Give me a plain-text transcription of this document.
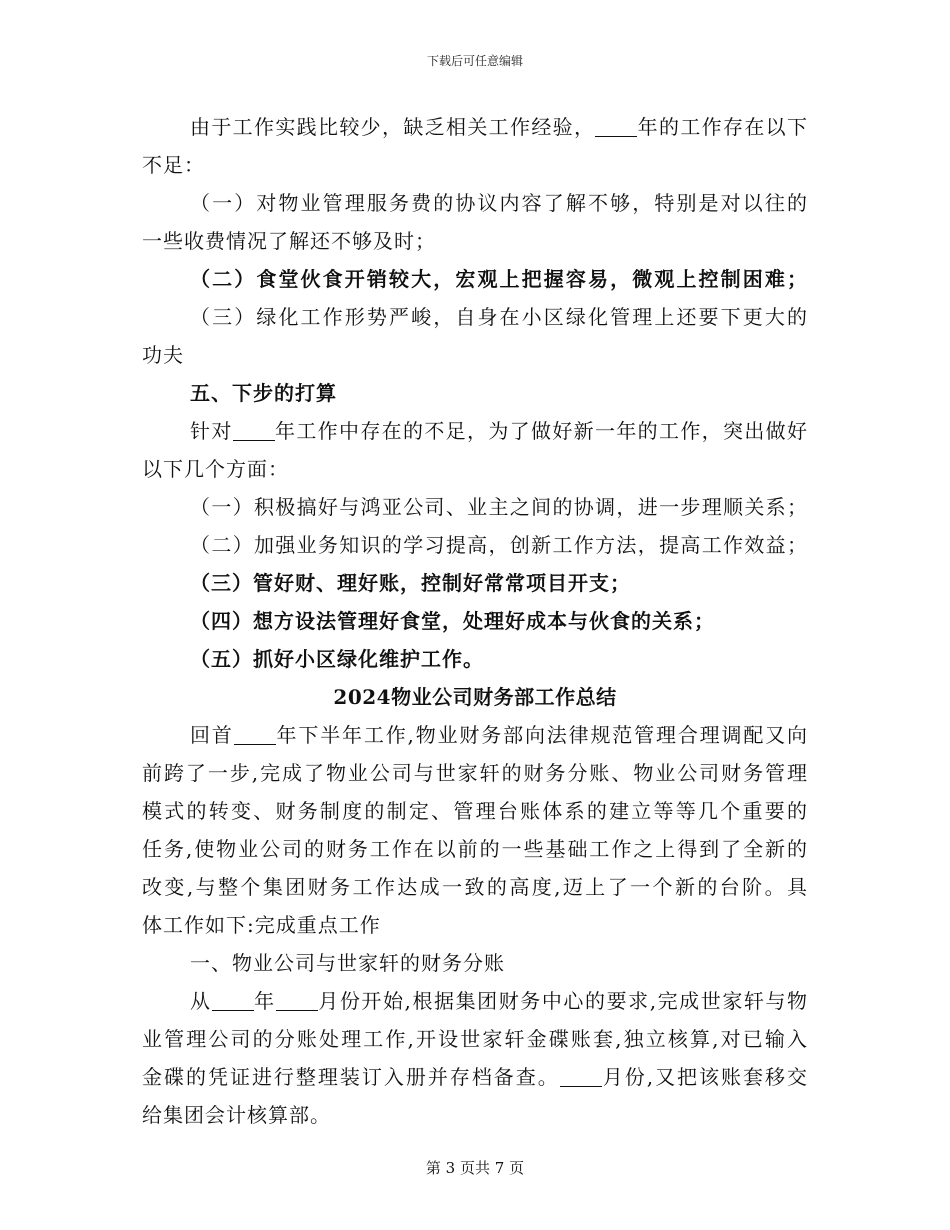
下载后可任意编辑
由于工作实践比较少，缺乏相关工作经验， 年的工作存在以下
不足：
（一）对物业管理服务费的协议内容了解不够，特别是对以往的
一些收费情况了解还不够及时；
（二）食堂伙食开销较大，宏观上把握容易，微观上控制困难；
（三）绿化工作形势严峻，自身在小区绿化管理上还要下更大的
功夫
五、下步的打算
针对 年工作中存在的不足，为了做好新一年的工作，突出做好
以下几个方面：
（一）积极搞好与鸿亚公司、业主之间的协调，进一步理顺关系；
（二）加强业务知识的学习提高，创新工作方法，提高工作效益；
（三）管好财、理好账，控制好常常项目开支；
（四）想方设法管理好食堂，处理好成本与伙食的关系；
（五）抓好小区绿化维护工作。
2024物业公司财务部工作总结
回首 年下半年工作,物业财务部向法律规范管理合理调配又向
前跨了一步,完成了物业公司与世家轩的财务分账、物业公司财务管理
模式的转变、财务制度的制定、管理台账体系的建立等等几个重要的
任务,使物业公司的财务工作在以前的一些基础工作之上得到了全新的
改变,与整个集团财务工作达成一致的高度,迈上了一个新的台阶。具
体工作如下:完成重点工作
一、物业公司与世家轩的财务分账
从 年 月份开始,根据集团财务中心的要求,完成世家轩与物
业管理公司的分账处理工作,开设世家轩金碟账套,独立核算,对已输入
金碟的凭证进行整理装订入册并存档备查。 月份,又把该账套移交
给集团会计核算部。
第 3 页共 7 页
